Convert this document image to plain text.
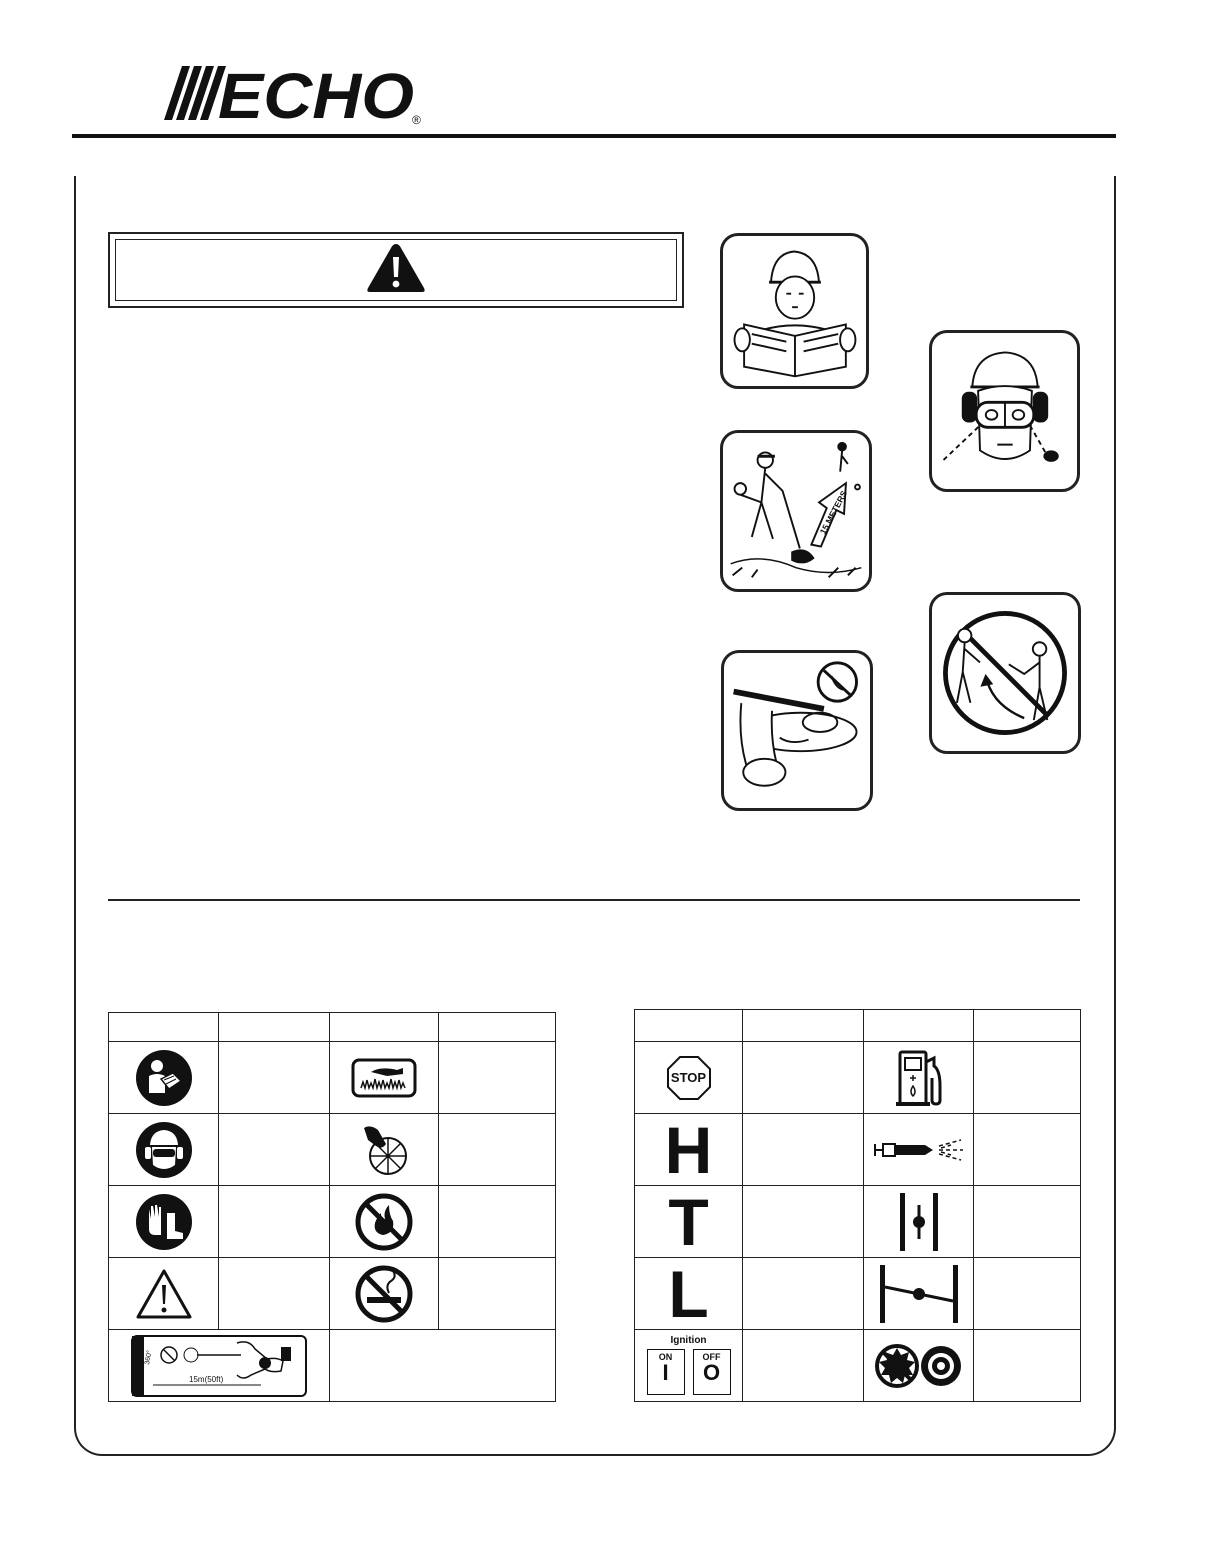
ECHO
®
15 METERS

360°
15m(50ft)			

STOP

H		

T		

L		

Ignition
ON
I
OFF
O
